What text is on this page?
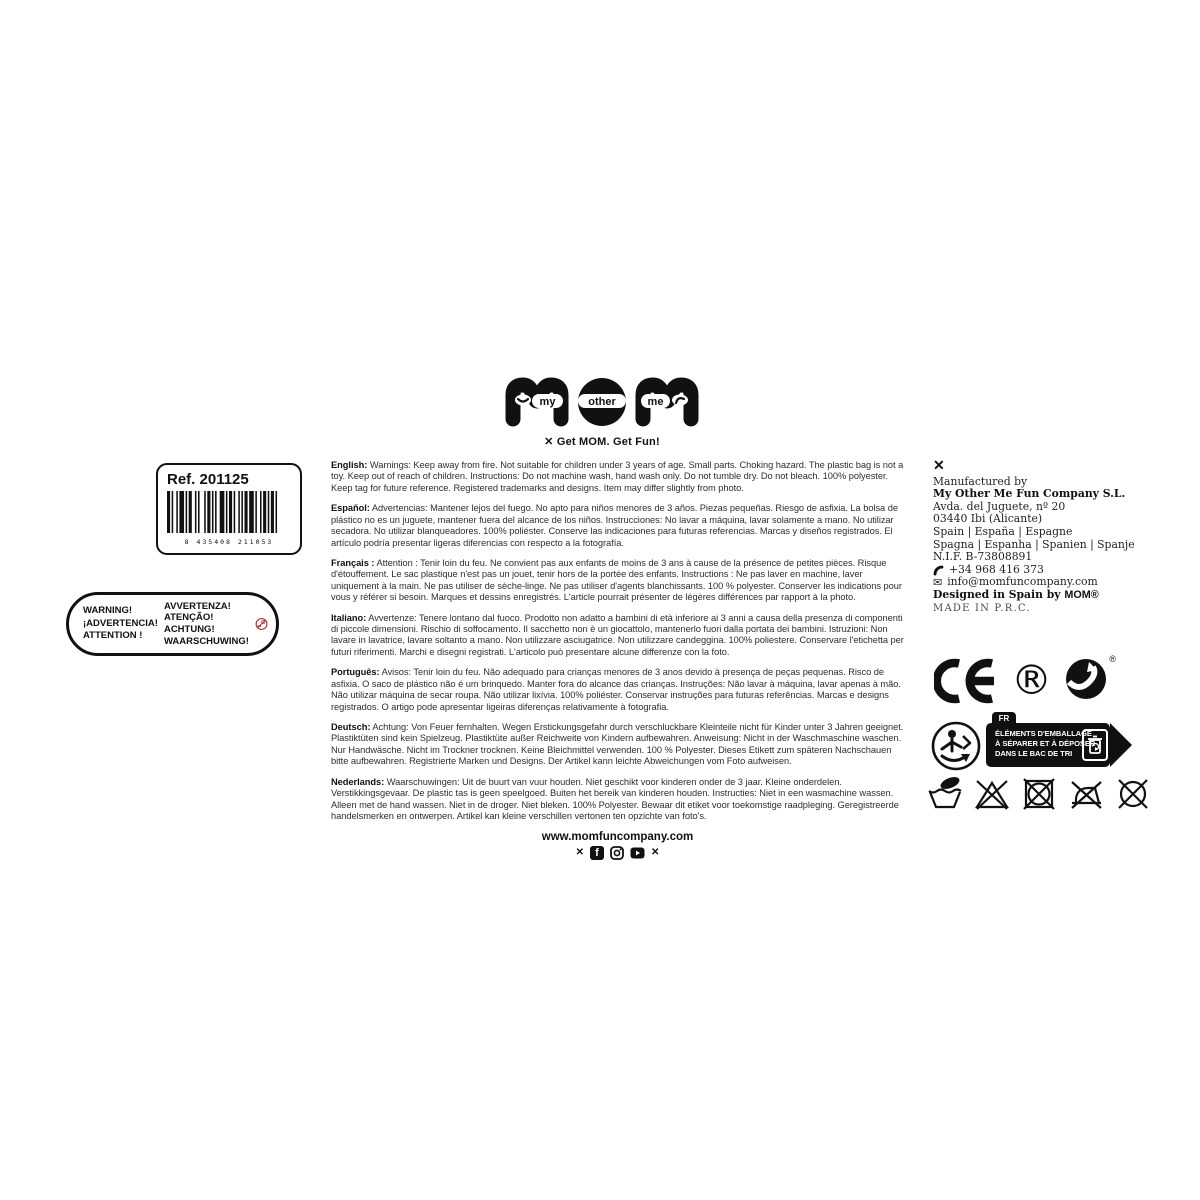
my	other	me
✕ Get MOM. Get Fun!
Ref. 201125
8 435408 211053
WARNING!
¡ADVERTENCIA!
ATTENTION !
AVVERTENZA!
ATENÇÃO!
ACHTUNG!
WAARSCHUWING!
0-3
English: Warnings: Keep away from fire. Not suitable for children under 3 years of age. Small parts. Choking hazard. The plastic bag is not a toy. Keep out of reach of children. Instructions: Do not machine wash, hand wash only. Do not tumble dry. Do not bleach. 100% polyester. Keep tag for future reference. Registered trademarks and designs. Item may differ slightly from photo.
Español: Advertencias: Mantener lejos del fuego. No apto para niños menores de 3 años. Piezas pequeñas. Riesgo de asfixia. La bolsa de plástico no es un juguete, mantener fuera del alcance de los niños. Instrucciones: No lavar a máquina, lavar solamente a mano. No utilizar secadora. No utilizar blanqueadores. 100% poliéster. Conserve las indicaciones para futuras referencias. Marcas y diseños registrados. El artículo podría presentar ligeras diferencias con respecto a la fotografía.
Français : Attention : Tenir loin du feu. Ne convient pas aux enfants de moins de 3 ans à cause de la présence de petites pièces. Risque d'étouffement. Le sac plastique n'est pas un jouet, tenir hors de la portée des enfants. Instructions : Ne pas laver en machine, laver uniquement à la main. Ne pas utiliser de sèche-linge. Ne pas utiliser d'agents blanchissants. 100 % polyester. Conserver les indications pour vous y référer si besoin. Marques et dessins enregistrés. L'article pourrait présenter de légères différences par rapport à la photo.
Italiano: Avvertenze: Tenere lontano dal fuoco. Prodotto non adatto a bambini di età inferiore ai 3 anni a causa della presenza di componenti di piccole dimensioni. Rischio di soffocamento. Il sacchetto non è un giocattolo, mantenerlo fuori dalla portata dei bambini. Istruzioni: Non lavare in lavatrice, lavare soltanto a mano. Non utilizzare asciugatrice. Non utilizzare candeggina. 100% poliestere. Conservare l'etichetta per futuri riferimenti. Marchi e disegni registrati. L'articolo può presentare alcune differenze con la foto.
Português: Avisos: Tenir loin du feu. Não adequado para crianças menores de 3 anos devido à presença de peças pequenas. Risco de asfixia. O saco de plástico não é um brinquedo. Manter fora do alcance das crianças. Instruções: Não lavar à máquina, lavar apenas à mão. Não utilizar máquina de secar roupa. Não utilizar lixívia. 100% poliéster. Conservar instruções para futuras referências. Marcas e designs registrados. O artigo pode apresentar ligeiras diferenças relativamente à fotografia.
Deutsch: Achtung: Von Feuer fernhalten. Wegen Erstickungsgefahr durch verschluckbare Kleinteile nicht für Kinder unter 3 Jahren geeignet. Plastiktüten sind kein Spielzeug. Plastiktüte außer Reichweite von Kindern aufbewahren. Anweisung: Nicht in der Waschmaschine waschen. Nur Handwäsche. Nicht im Trockner trocknen. Keine Bleichmittel verwenden. 100 % Polyester. Dieses Etikett zum späteren Nachschauen bitte aufbewahren. Registrierte Marken und Designs. Der Artikel kann leichte Abweichungen vom Foto aufweisen.
Nederlands: Waarschuwingen: Uit de buurt van vuur houden. Niet geschikt voor kinderen onder de 3 jaar. Kleine onderdelen. Verstikkingsgevaar. De plastic tas is geen speelgoed. Buiten het bereik van kinderen houden. Instructies: Niet in een wasmachine wassen. Alleen met de hand wassen. Niet in de droger. Niet bleken. 100% Polyester. Bewaar dit etiket voor toekomstige raadpleging. Geregistreerde handelsmerken en ontwerpen. Artikel kan kleine verschillen vertonen ten opzichte van foto's.
www.momfuncompany.com
✕	f	✕
✕
Manufactured by
My Other Me Fun Company S.L.
Avda. del Juguete, nº 20
03440 Ibi (Alicante)
Spain | España | Espagne
Spagna | Espanha | Spanien | Spanje
N.I.F. B-73808891
+34 968 416 373
✉ info@momfuncompany.com
Designed in Spain by MOM®
MADE IN P.R.C.
®	®
FR
ÉLÉMENTS D'EMBALLAGE
À SÉPARER ET À DÉPOSER
DANS LE BAC DE TRI
